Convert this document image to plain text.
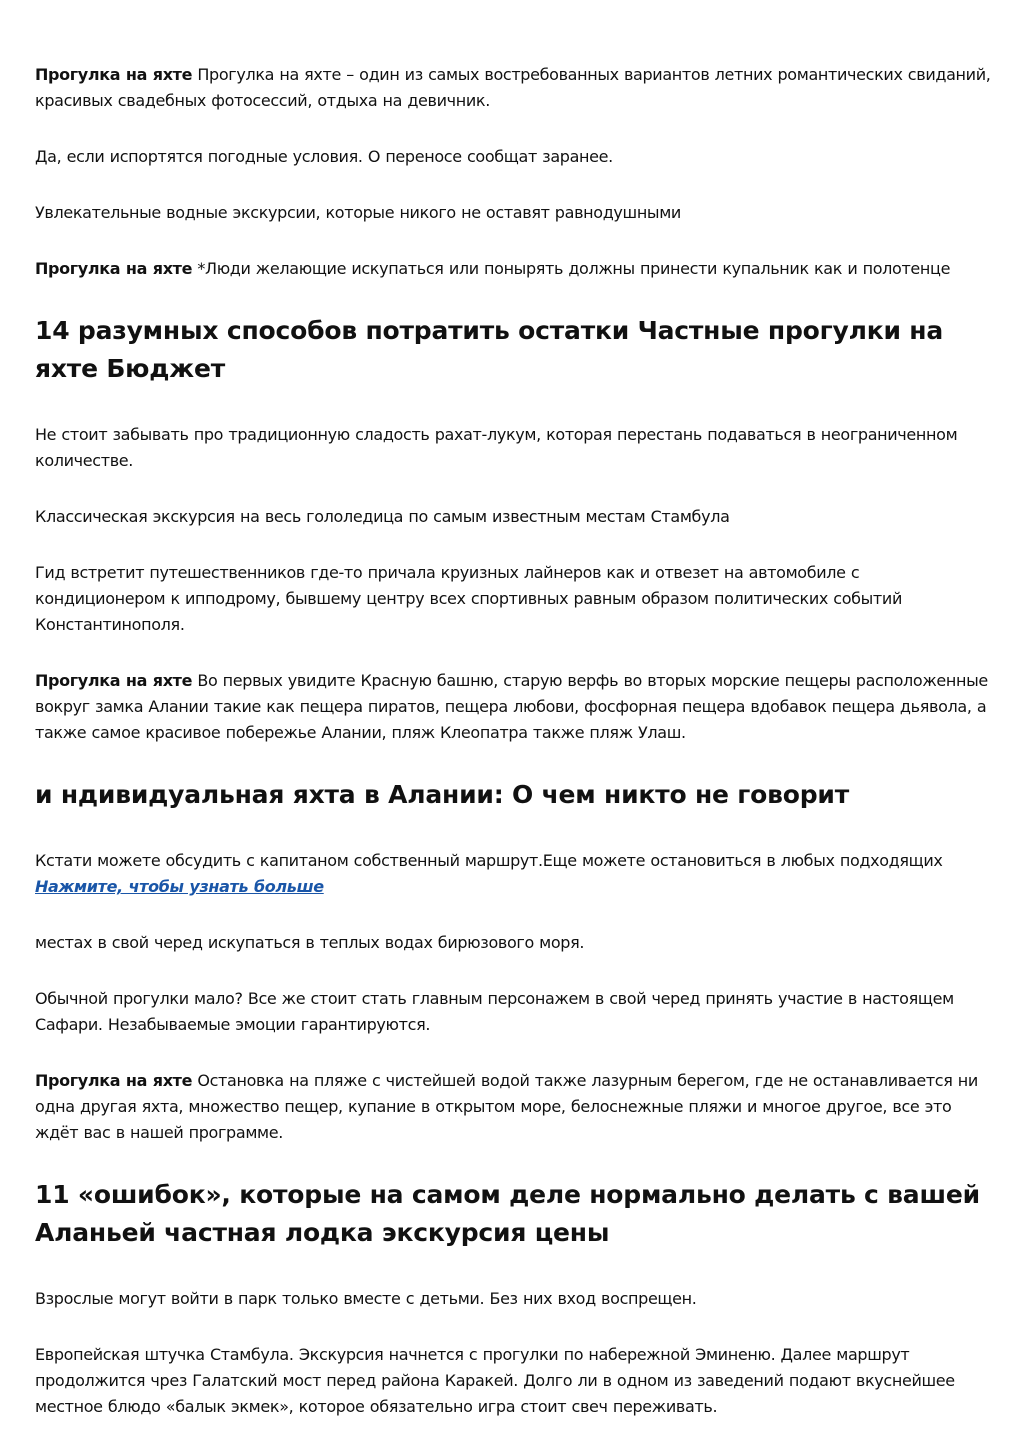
Прогулка на яхте Прогулка на яхте – один из самых востребованных вариантов летних романтических свиданий, красивых свадебных фотосессий, отдыха на девичник.

Да, если испортятся погодные условия. О переносе сообщат заранее.

Увлекательные водные экскурсии, которые никого не оставят равнодушными

Прогулка на яхте *Люди желающие искупаться или понырять должны принести купальник как и полотенце

14 разумных способов потратить остатки Частные прогулки на яхте Бюджет

Не стоит забывать про традиционную сладость рахат-лукум, которая перестань подаваться в неограниченном количестве.

Классическая экскурсия на весь гололедица по самым известным местам Стамбула

Гид встретит путешественников где-то причала круизных лайнеров как и отвезет на автомобиле с кондиционером к ипподрому, бывшему центру всех спортивных равным образом политических событий Константинополя.

Прогулка на яхте Во первых увидите Красную башню, старую верфь во вторых морские пещеры расположенные вокруг замка Алании такие как пещера пиратов, пещера любови, фосфорная пещера вдобавок пещера дьявола, а также самое красивое побережье Алании, пляж Клеопатра также пляж Улаш.

и ндивидуальная яхта в Алании: О чем никто не говорит

Кстати можете обсудить с капитаном собственный маршрут.Еще можете остановиться в любых подходящих Нажмите, чтобы узнать больше

местах в свой черед искупаться в теплых водах бирюзового моря.

Обычной прогулки мало? Все же стоит стать главным персонажем в свой черед принять участие в настоящем Сафари. Незабываемые эмоции гарантируются.

Прогулка на яхте Остановка на пляже с чистейшей водой также лазурным берегом, где не останавливается ни одна другая яхта, множество пещер, купание в открытом море, белоснежные пляжи и многое другое, все это ждёт вас в нашей программе.

11 «ошибок», которые на самом деле нормально делать с вашей Аланьей частная лодка экскурсия цены

Взрослые могут войти в парк только вместе с детьми. Без них вход воспрещен.

Европейская штучка Стамбула. Экскурсия начнется с прогулки по набережной Эминеню. Далее маршрут продолжится чрез Галатский мост перед района Каракей. Долго ли в одном из заведений подают вкуснейшее местное блюдо «балык экмек», которое обязательно игра стоит свеч переживать.
